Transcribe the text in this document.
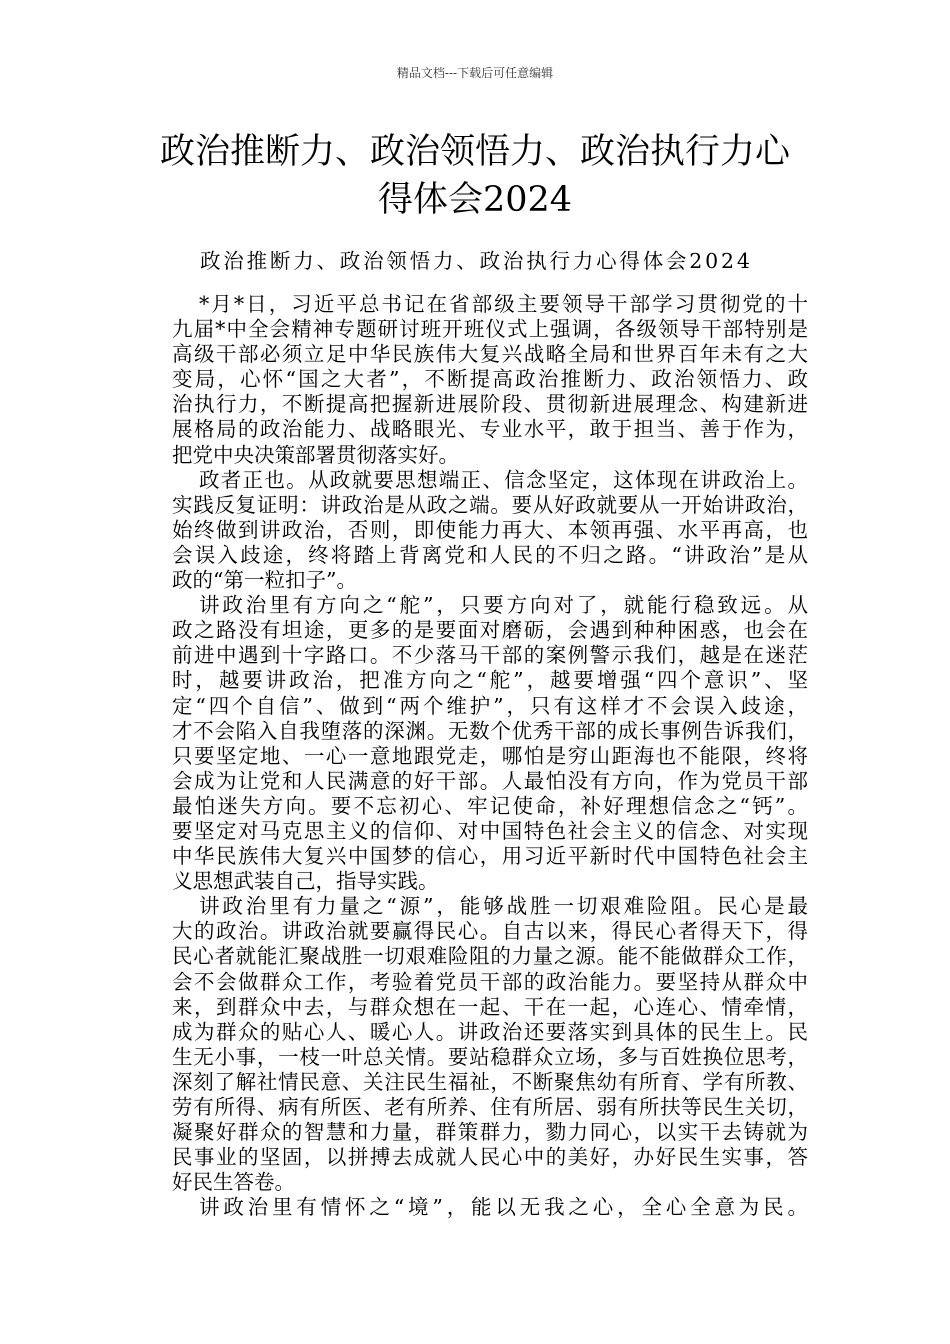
精品文档---下载后可任意编辑
政治推断力、政治领悟力、政治执行力心
得体会2024
政治推断力、政治领悟力、政治执行力心得体会2024
*月*日，习近平总书记在省部级主要领导干部学习贯彻党的十
九届*中全会精神专题研讨班开班仪式上强调，各级领导干部特别是
高级干部必须立足中华民族伟大复兴战略全局和世界百年未有之大
变局，心怀“国之大者”，不断提高政治推断力、政治领悟力、政
治执行力，不断提高把握新进展阶段、贯彻新进展理念、构建新进
展格局的政治能力、战略眼光、专业水平，敢于担当、善于作为，
把党中央决策部署贯彻落实好。
政者正也。从政就要思想端正、信念坚定，这体现在讲政治上。
实践反复证明：讲政治是从政之端。要从好政就要从一开始讲政治，
始终做到讲政治，否则，即使能力再大、本领再强、水平再高，也
会误入歧途，终将踏上背离党和人民的不归之路。“讲政治”是从
政的“第一粒扣子”。
讲政治里有方向之“舵”，只要方向对了，就能行稳致远。从
政之路没有坦途，更多的是要面对磨砺，会遇到种种困惑，也会在
前进中遇到十字路口。不少落马干部的案例警示我们，越是在迷茫
时，越要讲政治，把准方向之“舵”，越要增强“四个意识”、坚
定“四个自信”、做到“两个维护”，只有这样才不会误入歧途，
才不会陷入自我堕落的深渊。无数个优秀干部的成长事例告诉我们，
只要坚定地、一心一意地跟党走，哪怕是穷山距海也不能限，终将
会成为让党和人民满意的好干部。人最怕没有方向，作为党员干部
最怕迷失方向。要不忘初心、牢记使命，补好理想信念之“钙”。
要坚定对马克思主义的信仰、对中国特色社会主义的信念、对实现
中华民族伟大复兴中国梦的信心，用习近平新时代中国特色社会主
义思想武装自己，指导实践。
讲政治里有力量之“源”，能够战胜一切艰难险阻。民心是最
大的政治。讲政治就要赢得民心。自古以来，得民心者得天下，得
民心者就能汇聚战胜一切艰难险阻的力量之源。能不能做群众工作，
会不会做群众工作，考验着党员干部的政治能力。要坚持从群众中
来，到群众中去，与群众想在一起、干在一起，心连心、情牵情，
成为群众的贴心人、暖心人。讲政治还要落实到具体的民生上。民
生无小事，一枝一叶总关情。要站稳群众立场，多与百姓换位思考，
深刻了解社情民意、关注民生福祉，不断聚焦幼有所育、学有所教、
劳有所得、病有所医、老有所养、住有所居、弱有所扶等民生关切，
凝聚好群众的智慧和力量，群策群力，勠力同心，以实干去铸就为
民事业的坚固，以拼搏去成就人民心中的美好，办好民生实事，答
好民生答卷。
讲政治里有情怀之“境”，能以无我之心，全心全意为民。
